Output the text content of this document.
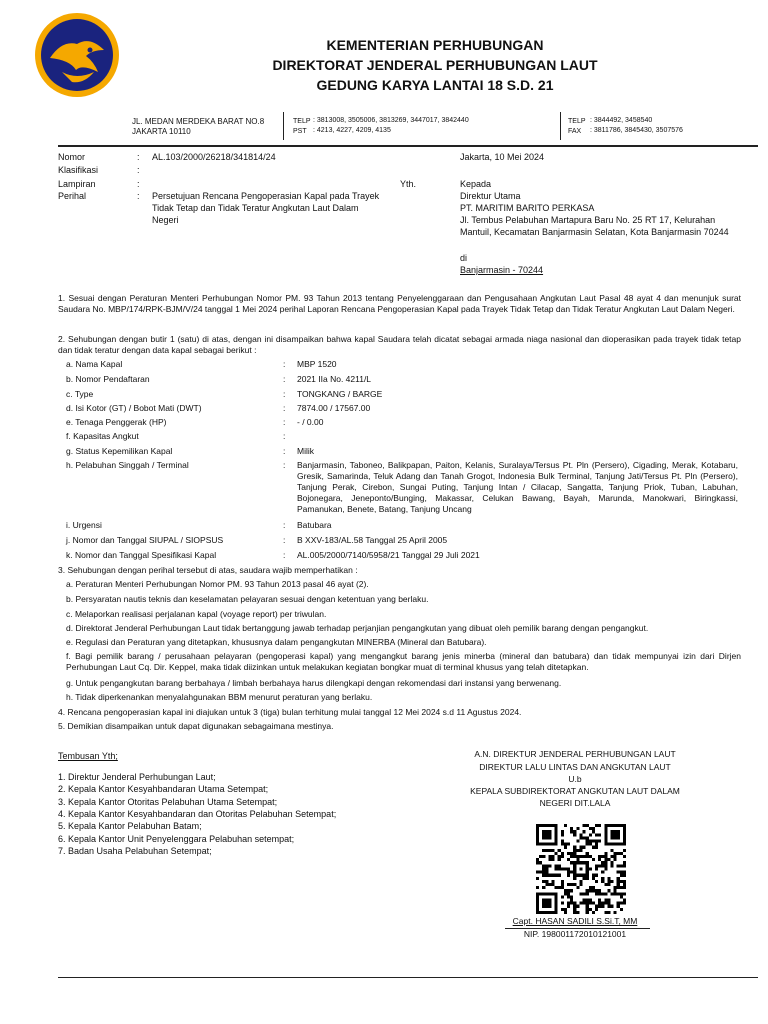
KEMENTERIAN PERHUBUNGAN
DIREKTORAT JENDERAL PERHUBUNGAN LAUT
GEDUNG KARYA LANTAI 18 S.D. 21
JL. MEDAN MERDEKA BARAT NO.8
JAKARTA 10110
TELP : 3813008, 3505006, 3813269, 3447017, 3842440
PST : 4213, 4227, 4209, 4135
TELP : 3844492, 3458540
FAX : 3811786, 3845430, 3507576
Nomor	: AL.103/2000/26218/341814/24
Klasifikasi	:
Lampiran	:
Perihal	: Persetujuan Rencana Pengoperasian Kapal pada Trayek Tidak Tetap dan Tidak Teratur Angkutan Laut Dalam Negeri
Jakarta, 10 Mei 2024
Yth.	Kepada
Direktur Utama
PT. MARITIM BARITO PERKASA
Jl. Tembus Pelabuhan Martapura Baru No. 25 RT 17, Kelurahan Mantuil, Kecamatan Banjarmasin Selatan, Kota Banjarmasin 70244
di
Banjarmasin - 70244
1. Sesuai dengan Peraturan Menteri Perhubungan Nomor PM. 93 Tahun 2013 tentang Penyelenggaraan dan Pengusahaan Angkutan Laut Pasal 48 ayat 4 dan menunjuk surat Saudara No. MBP/174/RPK-BJM/V/24 tanggal 1 Mei 2024 perihal Laporan Rencana Pengoperasian Kapal pada Trayek Tidak Tetap dan Tidak Teratur Angkutan Laut Dalam Negeri.
2. Sehubungan dengan butir 1 (satu) di atas, dengan ini disampaikan bahwa kapal Saudara telah dicatat sebagai armada niaga nasional dan dioperasikan pada trayek tidak tetap dan tidak teratur dengan data kapal sebagai berikut :
a. Nama Kapal	: MBP 1520
b. Nomor Pendaftaran	: 2021 IIa No. 4211/L
c. Type	: TONGKANG / BARGE
d. Isi Kotor (GT) / Bobot Mati (DWT)	: 7874.00 / 17567.00
e. Tenaga Penggerak (HP)	: - / 0.00
f. Kapasitas Angkut	:
g. Status Kepemilikan Kapal	: Milik
h. Pelabuhan Singgah / Terminal	: Banjarmasin, Taboneo, Balikpapan, Paiton, Kelanis, Suralaya/Tersus Pt. Pln (Persero), Cigading, Merak, Kotabaru, Gresik, Samarinda, Teluk Adang dan Tanah Grogot, Indonesia Bulk Terminal, Tanjung Jati/Tersus Pt. Pln (Persero), Tanjung Perak, Cirebon, Sungai Puting, Tanjung Intan / Cilacap, Sangatta, Tanjung Priok, Tuban, Labuhan, Bojonegara, Jeneponto/Bunging, Makassar, Celukan Bawang, Bayah, Marunda, Manokwari, Biringkassi, Pamanukan, Benete, Batang, Tanjung Uncang
i. Urgensi	: Batubara
j. Nomor dan Tanggal SIUPAL / SIOPSUS	: B XXV-183/AL.58 Tanggal 25 April 2005
k. Nomor dan Tanggal Spesifikasi Kapal	: AL.005/2000/7140/5958/21 Tanggal 29 Juli 2021
3. Sehubungan dengan perihal tersebut di atas, saudara wajib memperhatikan :
a. Peraturan Menteri Perhubungan Nomor PM. 93 Tahun 2013 pasal 46 ayat (2).
b. Persyaratan nautis teknis dan keselamatan pelayaran sesuai dengan ketentuan yang berlaku.
c. Melaporkan realisasi perjalanan kapal (voyage report) per triwulan.
d. Direktorat Jenderal Perhubungan Laut tidak bertanggung jawab terhadap perjanjian pengangkutan yang dibuat oleh pemilik barang dengan pengangkut.
e. Regulasi dan Peraturan yang ditetapkan, khususnya dalam pengangkutan MINERBA (Mineral dan Batubara).
f. Bagi pemilik barang / perusahaan pelayaran (pengoperasi kapal) yang mengangkut barang jenis minerba (mineral dan batubara) dan tidak mempunyai izin dari Dirjen Perhubungan Laut Cq. Dir. Keppel, maka tidak diizinkan untuk melakukan kegiatan bongkar muat di terminal khusus yang telah ditetapkan.
g. Untuk pengangkutan barang berbahaya / limbah berbahaya harus dilengkapi dengan rekomendasi dari instansi yang berwenang.
h. Tidak diperkenankan menyalahgunakan BBM menurut peraturan yang berlaku.
4. Rencana pengoperasian kapal ini diajukan untuk 3 (tiga) bulan terhitung mulai tanggal 12 Mei 2024 s.d 11 Agustus 2024.
5. Demikian disampaikan untuk dapat digunakan sebagaimana mestinya.
Tembusan Yth;
1. Direktur Jenderal Perhubungan Laut;
2. Kepala Kantor Kesyahbandaran Utama Setempat;
3. Kepala Kantor Otoritas Pelabuhan Utama Setempat;
4. Kepala Kantor Kesyahbandaran dan Otoritas Pelabuhan Setempat;
5. Kepala Kantor Pelabuhan Batam;
6. Kepala Kantor Unit Penyelenggara Pelabuhan setempat;
7. Badan Usaha Pelabuhan Setempat;
A.N. DIREKTUR JENDERAL PERHUBUNGAN LAUT
DIREKTUR LALU LINTAS DAN ANGKUTAN LAUT
U.b
KEPALA SUBDIREKTORAT ANGKUTAN LAUT DALAM
NEGERI DIT.LALA
Capt. HASAN SADILI S.Si.T, MM
NIP. 198001172010121001
